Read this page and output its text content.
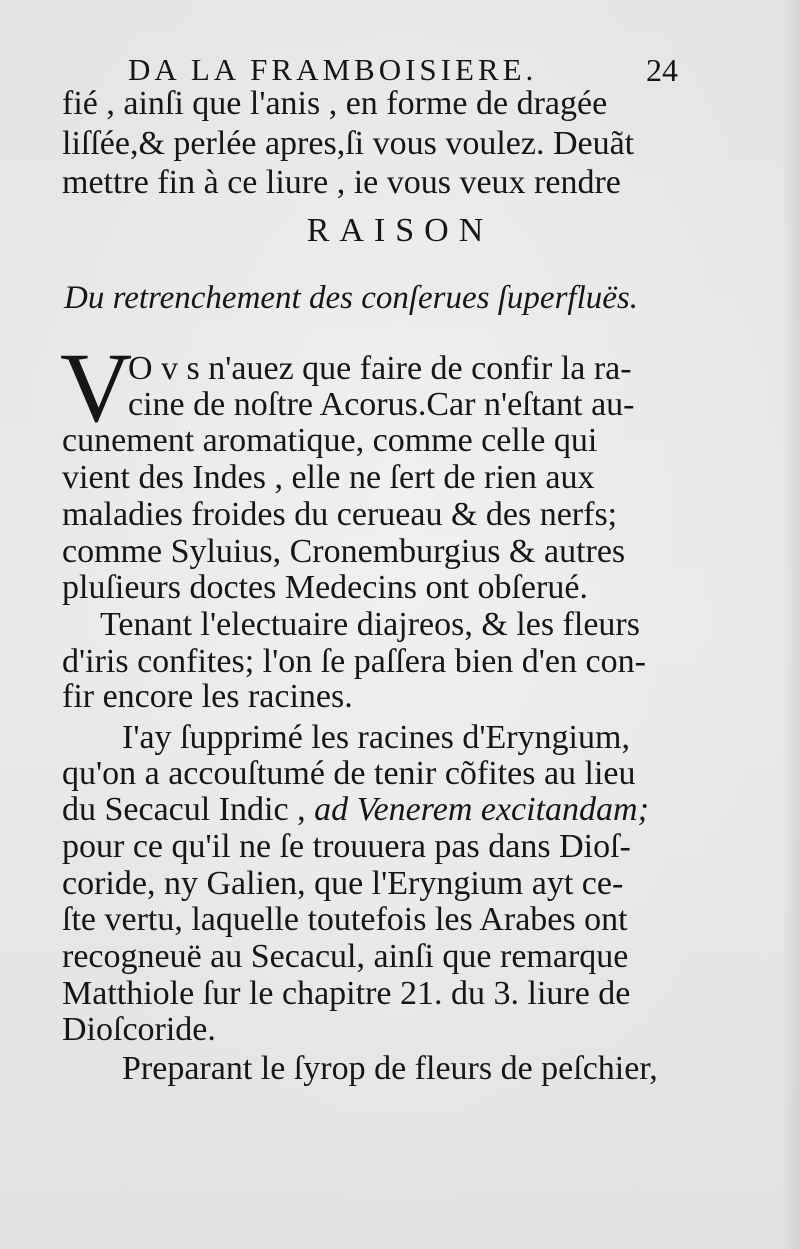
DA LA FRAMBOISIERE.	24
fié , ainſi que l'anis , en forme de dragée
liſſée,& perlée apres,ſi vous voulez. Deuãt
mettre fin à ce liure , ie vous veux rendre
RAISON
Du retrenchement des conſerues ſuperfluës.
V
O v s n'auez que faire de confir la ra-
cine de noſtre Acorus.Car n'eſtant au-
cunement aromatique, comme celle qui
vient des Indes , elle ne ſert de rien aux
maladies froides du cerueau & des nerfs;
comme Syluius, Cronemburgius & autres
pluſieurs doctes Medecins ont obſerué.
Tenant l'electuaire diajreos, & les fleurs
d'iris confites; l'on ſe paſſera bien d'en con-
fir encore les racines.
I'ay ſupprimé les racines d'Eryngium,
qu'on a accouſtumé de tenir cõfites au lieu
du Secacul Indic , ad Venerem excitandam;
pour ce qu'il ne ſe trouuera pas dans Dioſ-
coride, ny Galien, que l'Eryngium ayt ce-
ſte vertu, laquelle toutefois les Arabes ont
recogneuë au Secacul, ainſi que remarque
Matthiole ſur le chapitre 21. du 3. liure de
Dioſcoride.
Preparant le ſyrop de fleurs de peſchier,
